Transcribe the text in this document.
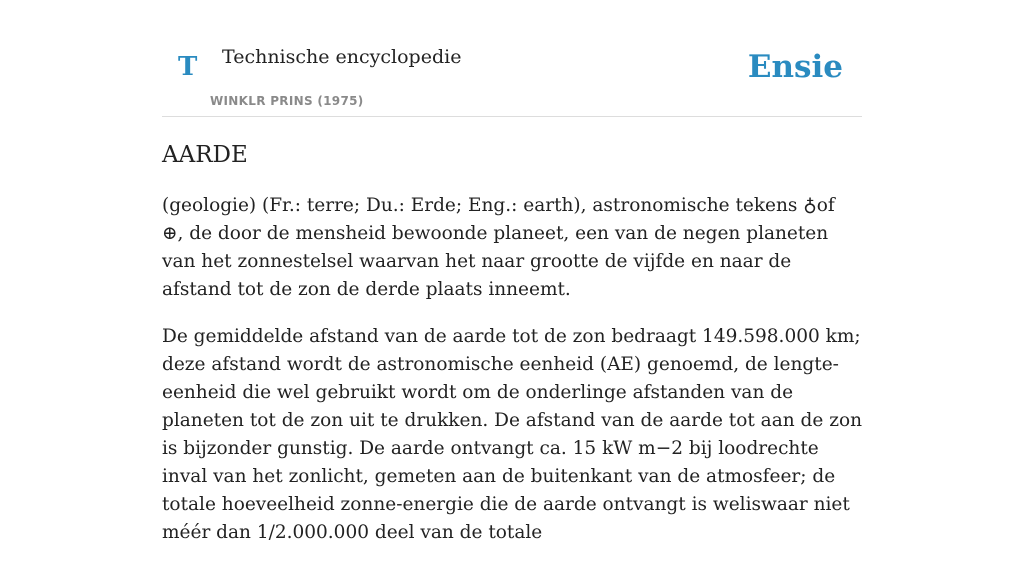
T Technische encyclopedie
WINKLR PRINS (1975)
Ensie
AARDE

(geologie) (Fr.: terre; Du.: Erde; Eng.: earth), astronomische tekens ♁of ⊕, de door de mensheid bewoonde planeet, een van de negen planeten van het zonnestelsel waarvan het naar grootte de vijfde en naar de afstand tot de zon de derde plaats inneemt.

De gemiddelde afstand van de aarde tot de zon bedraagt 149.598.000 km; deze afstand wordt de astronomische eenheid (AE) genoemd, de lengte-eenheid die wel gebruikt wordt om de onderlinge afstanden van de planeten tot de zon uit te drukken. De afstand van de aarde tot aan de zon is bijzonder gunstig. De aarde ontvangt ca. 15 kW m−2 bij loodrechte inval van het zonlicht, gemeten aan de buitenkant van de atmosfeer; de totale hoeveelheid zonne-energie die de aarde ontvangt is weliswaar niet méér dan 1/2.000.000 deel van de totale
